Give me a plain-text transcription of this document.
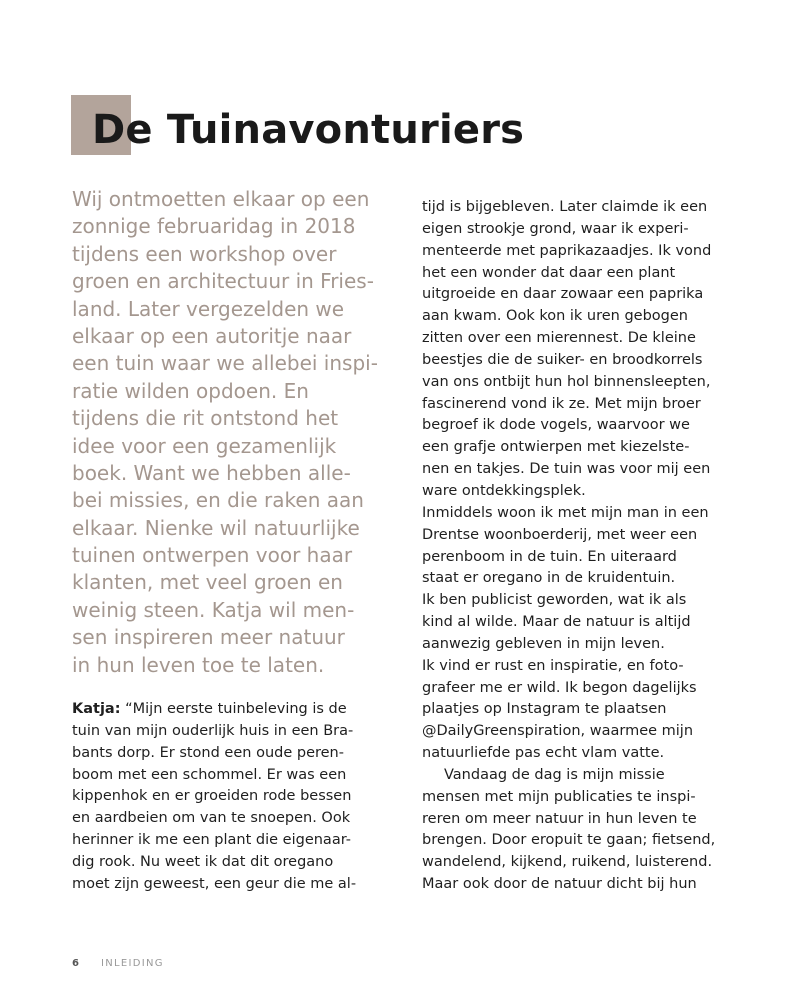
De Tuinavonturiers
Wij ontmoetten elkaar op een
zonnige februaridag in 2018
tijdens een workshop over
groen en architectuur in Fries-
land. Later vergezelden we
elkaar op een autoritje naar
een tuin waar we allebei inspi-
ratie wilden opdoen. En
tijdens die rit ontstond het
idee voor een gezamenlijk
boek. Want we hebben alle-
bei missies, en die raken aan
elkaar. Nienke wil natuurlijke
tuinen ontwerpen voor haar
klanten, met veel groen en
weinig steen. Katja wil men-
sen inspireren meer natuur
in hun leven toe te laten.
Katja: “Mijn eerste tuinbeleving is de
tuin van mijn ouderlijk huis in een Bra-
bants dorp. Er stond een oude peren-
boom met een schommel. Er was een
kippenhok en er groeiden rode bessen
en aardbeien om van te snoepen. Ook
herinner ik me een plant die eigenaar-
dig rook. Nu weet ik dat dit oregano
moet zijn geweest, een geur die me al-
tijd is bijgebleven. Later claimde ik een
eigen strookje grond, waar ik experi-
menteerde met paprikazaadjes. Ik vond
het een wonder dat daar een plant
uitgroeide en daar zowaar een paprika
aan kwam. Ook kon ik uren gebogen
zitten over een mierennest. De kleine
beestjes die de suiker- en broodkorrels
van ons ontbijt hun hol binnensleepten,
fascinerend vond ik ze. Met mijn broer
begroef ik dode vogels, waarvoor we
een grafje ontwierpen met kiezelste-
nen en takjes. De tuin was voor mij een
ware ontdekkingsplek.
Inmiddels woon ik met mijn man in een
Drentse woonboerderij, met weer een
perenboom in de tuin. En uiteraard
staat er oregano in de kruidentuin.
Ik ben publicist geworden, wat ik als
kind al wilde. Maar de natuur is altijd
aanwezig gebleven in mijn leven.
Ik vind er rust en inspiratie, en foto-
grafeer me er wild. Ik begon dagelijks
plaatjes op Instagram te plaatsen
@DailyGreenspiration, waarmee mijn
natuurliefde pas echt vlam vatte.
Vandaag de dag is mijn missie
mensen met mijn publicaties te inspi-
reren om meer natuur in hun leven te
brengen. Door eropuit te gaan; fietsend,
wandelend, kijkend, ruikend, luisterend.
Maar ook door de natuur dicht bij hun
6 INLEIDING
